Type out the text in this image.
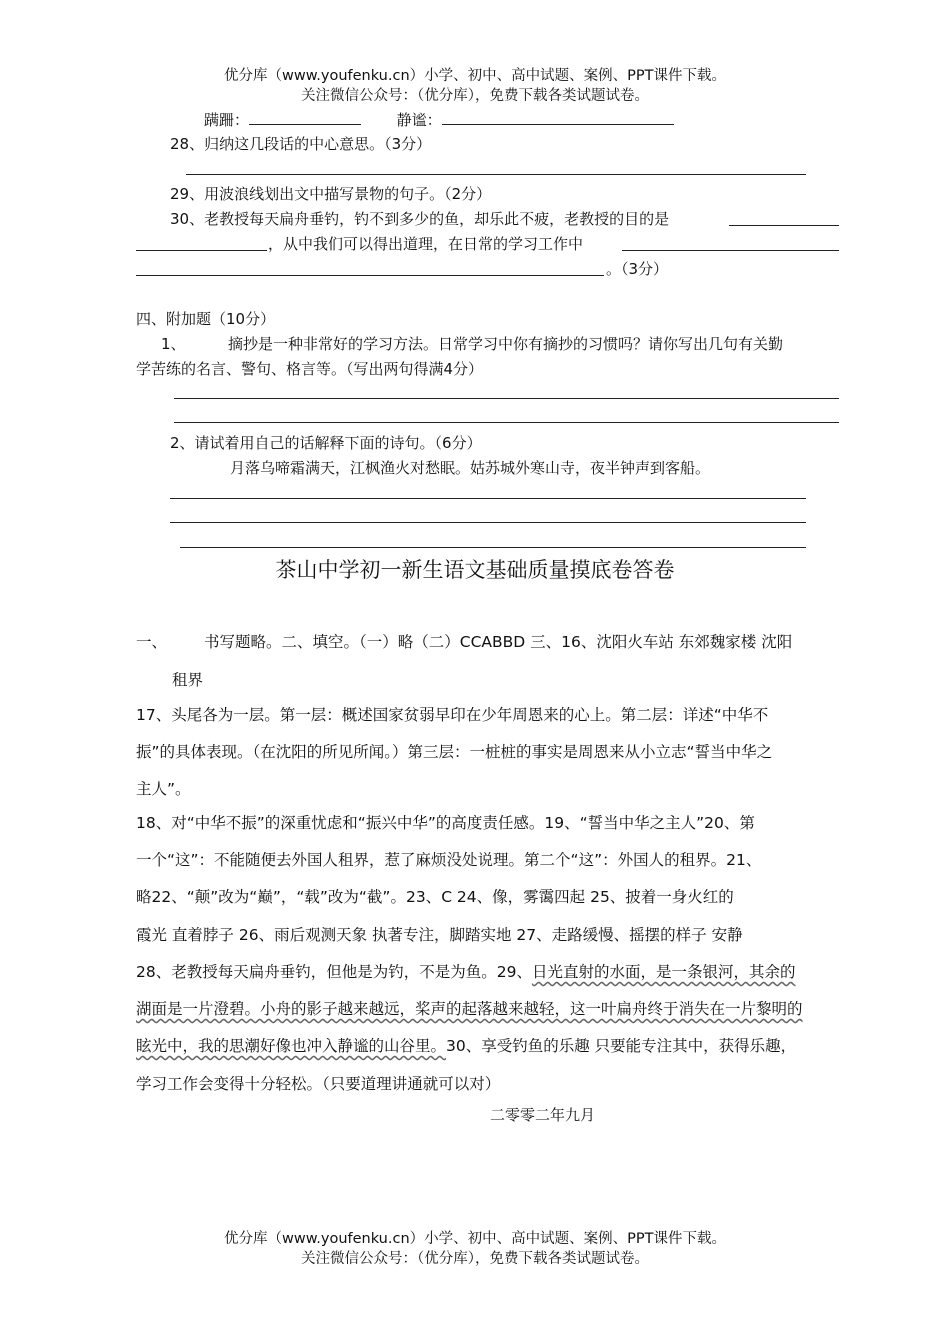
优分库（www.youfenku.cn）小学、初中、高中试题、案例、PPT课件下载。
关注微信公众号：（优分库），免费下载各类试题试卷。
蹒跚：	静谧：
28、归纳这几段话的中心意思。（3分）
29、用波浪线划出文中描写景物的句子。（2分）
30、老教授每天扁舟垂钓，钓不到多少的鱼，却乐此不疲，老教授的目的是
，从中我们可以得出道理，在日常的学习工作中
。（3分）
四、附加题（10分）
1、	摘抄是一种非常好的学习方法。日常学习中你有摘抄的习惯吗？请你写出几句有关勤
学苦练的名言、警句、格言等。（写出两句得满4分）
2、请试着用自己的话解释下面的诗句。（6分）
月落乌啼霜满天，江枫渔火对愁眠。姑苏城外寒山寺，夜半钟声到客船。
茶山中学初一新生语文基础质量摸底卷答卷
一、 书写题略。二、填空。（一）略（二）CCABBD 三、16、沈阳火车站 东郊魏家楼 沈阳
租界
17、头尾各为一层。第一层：概述国家贫弱早印在少年周恩来的心上。第二层：详述“中华不
振”的具体表现。（在沈阳的所见所闻。）第三层：一桩桩的事实是周恩来从小立志“誓当中华之
主人”。
18、对“中华不振”的深重忧虑和“振兴中华”的高度责任感。19、“誓当中华之主人”20、第
一个“这”：不能随便去外国人租界，惹了麻烦没处说理。第二个“这”：外国人的租界。21、
略22、“颠”改为“巅”，“载”改为“截”。23、C 24、像，雾霭四起 25、披着一身火红的
霞光 直着脖子 26、雨后观测天象 执著专注，脚踏实地 27、走路缓慢、摇摆的样子 安静
28、老教授每天扁舟垂钓，但他是为钓，不是为鱼。29、日光直射的水面，是一条银河，其余的
湖面是一片澄碧。小舟的影子越来越远，桨声的起落越来越轻，这一叶扁舟终于消失在一片黎明的
眩光中，我的思潮好像也冲入静谧的山谷里。30、享受钓鱼的乐趣 只要能专注其中，获得乐趣，
学习工作会变得十分轻松。（只要道理讲通就可以对）
二零零二年九月
优分库（www.youfenku.cn）小学、初中、高中试题、案例、PPT课件下载。
关注微信公众号：（优分库），免费下载各类试题试卷。
